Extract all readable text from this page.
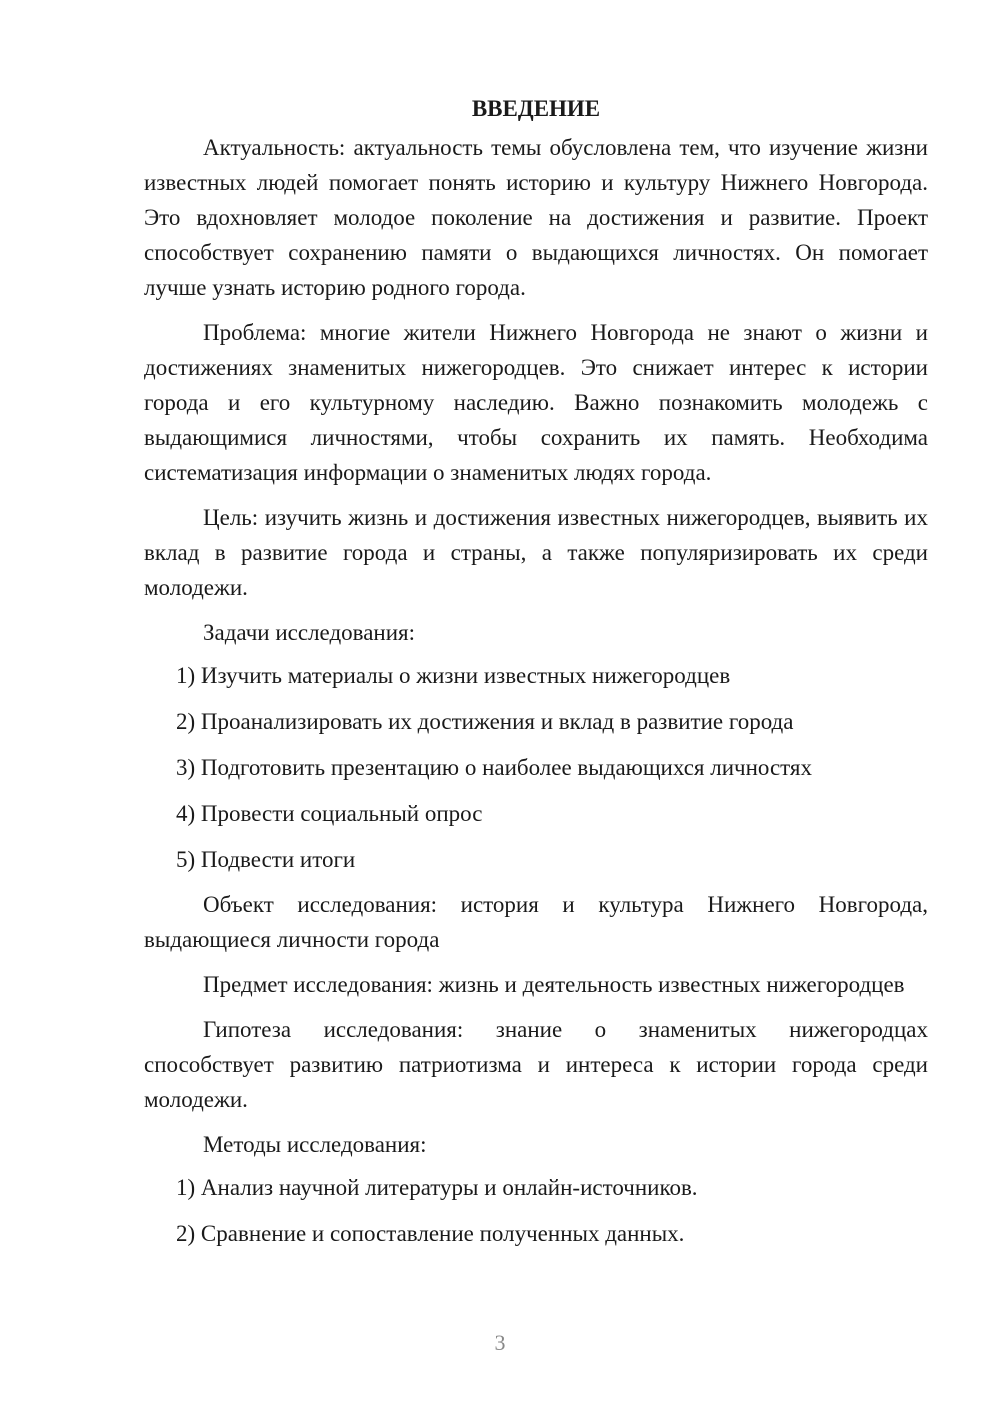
ВВЕДЕНИЕ

Актуальность: актуальность темы обусловлена тем, что изучение жизни известных людей помогает понять историю и культуру Нижнего Новгорода. Это вдохновляет молодое поколение на достижения и развитие. Проект способствует сохранению памяти о выдающихся личностях. Он помогает лучше узнать историю родного города.

Проблема: многие жители Нижнего Новгорода не знают о жизни и достижениях знаменитых нижегородцев. Это снижает интерес к истории города и его культурному наследию. Важно познакомить молодежь с выдающимися личностями, чтобы сохранить их память. Необходима систематизация информации о знаменитых людях города.

Цель: изучить жизнь и достижения известных нижегородцев, выявить их вклад в развитие города и страны, а также популяризировать их среди молодежи.

Задачи исследования:

1) Изучить материалы о жизни известных нижегородцев

2) Проанализировать их достижения и вклад в развитие города

3) Подготовить презентацию о наиболее выдающихся личностях

4) Провести социальный опрос

5) Подвести итоги

Объект исследования: история и культура Нижнего Новгорода, выдающиеся личности города

Предмет исследования: жизнь и деятельность известных нижегородцев

Гипотеза исследования: знание о знаменитых нижегородцах способствует развитию патриотизма и интереса к истории города среди молодежи.

Методы исследования:

1) Анализ научной литературы и онлайн-источников.

2) Сравнение и сопоставление полученных данных.

3
